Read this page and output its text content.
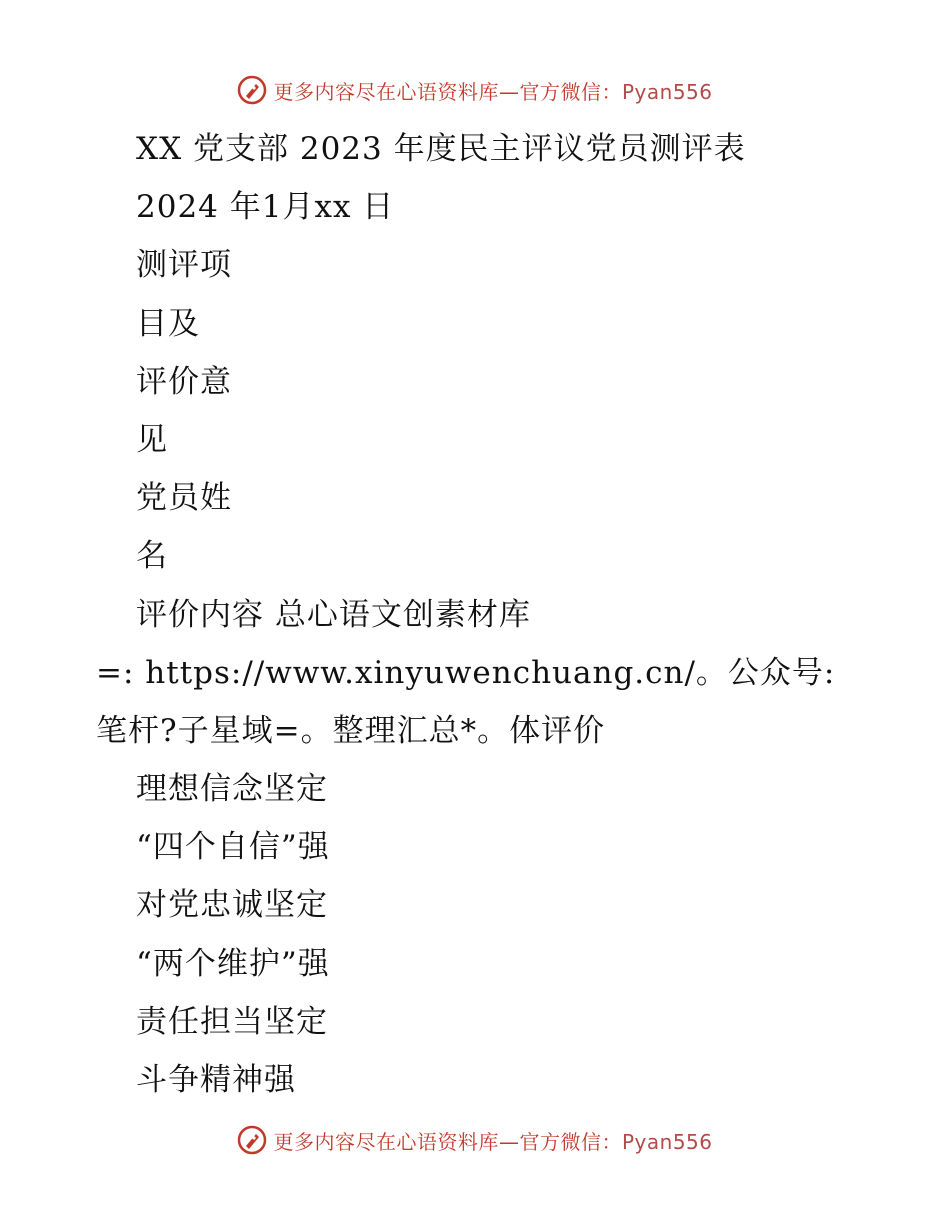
更多内容尽在心语资料库—官方微信：Pyan556
XX 党支部 2023 年度民主评议党员测评表
2024 年1月xx 日
测评项
目及
评价意
见
党员姓
名
评价内容 总心语文创素材库
=: https://www.xinyuwenchuang.cn/。公众号:
笔杆?子星域=。整理汇总*。体评价
理想信念坚定
“四个自信”强
对党忠诚坚定
“两个维护”强
责任担当坚定
斗争精神强
更多内容尽在心语资料库—官方微信：Pyan556
